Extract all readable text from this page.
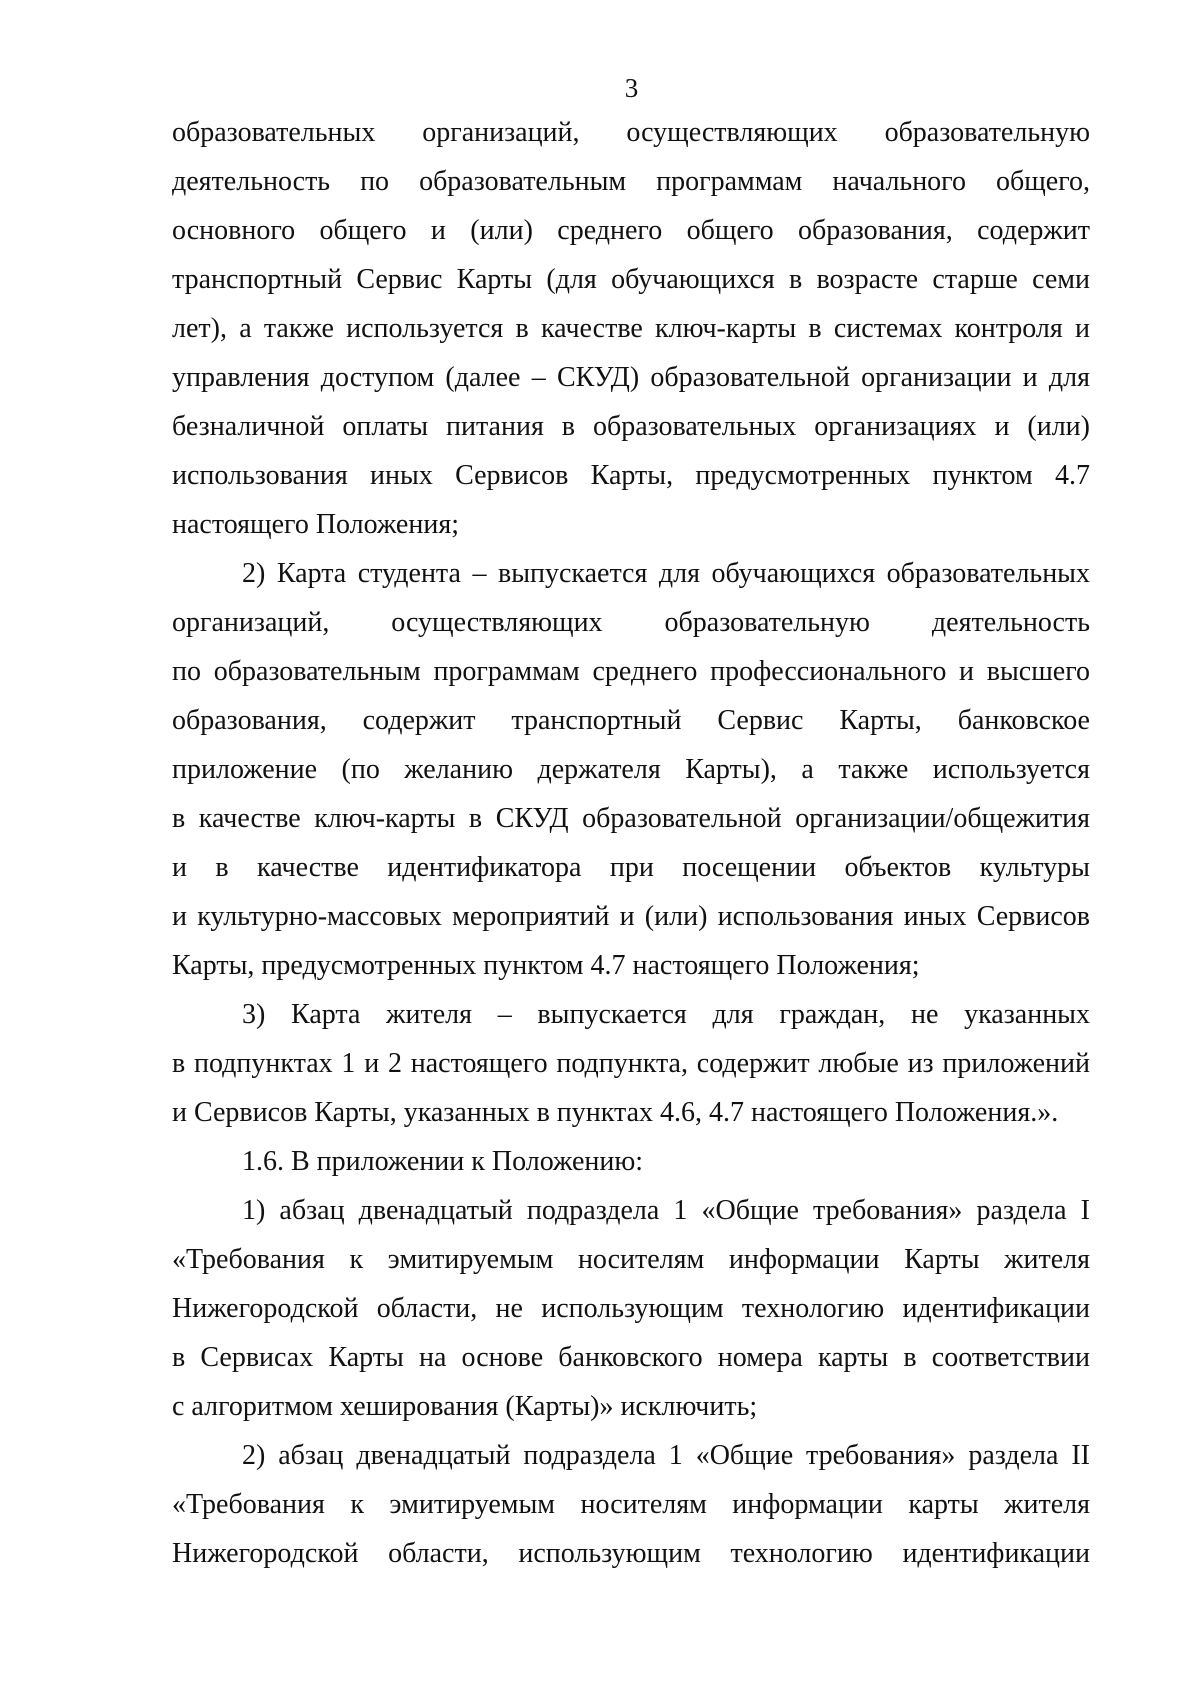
3
образовательных организаций, осуществляющих образовательную
деятельность по образовательным программам начального общего,
основного общего и (или) среднего общего образования, содержит
транспортный Сервис Карты (для обучающихся в возрасте старше семи
лет), а также используется в качестве ключ-карты в системах контроля и
управления доступом (далее – СКУД) образовательной организации и для
безналичной оплаты питания в образовательных организациях и (или)
использования иных Сервисов Карты, предусмотренных пунктом 4.7
настоящего Положения;
2) Карта студента – выпускается для обучающихся образовательных
организаций, осуществляющих образовательную деятельность
по образовательным программам среднего профессионального и высшего
образования, содержит транспортный Сервис Карты, банковское
приложение (по желанию держателя Карты), а также используется
в качестве ключ-карты в СКУД образовательной организации/общежития
и в качестве идентификатора при посещении объектов культуры
и культурно-массовых мероприятий и (или) использования иных Сервисов
Карты, предусмотренных пунктом 4.7 настоящего Положения;
3) Карта жителя – выпускается для граждан, не указанных
в подпунктах 1 и 2 настоящего подпункта, содержит любые из приложений
и Сервисов Карты, указанных в пунктах 4.6, 4.7 настоящего Положения.».
1.6. В приложении к Положению:
1) абзац двенадцатый подраздела 1 «Общие требования» раздела I
«Требования к эмитируемым носителям информации Карты жителя
Нижегородской области, не использующим технологию идентификации
в Сервисах Карты на основе банковского номера карты в соответствии
с алгоритмом хеширования (Карты)» исключить;
2) абзац двенадцатый подраздела 1 «Общие требования» раздела II
«Требования к эмитируемым носителям информации карты жителя
Нижегородской области, использующим технологию идентификации
